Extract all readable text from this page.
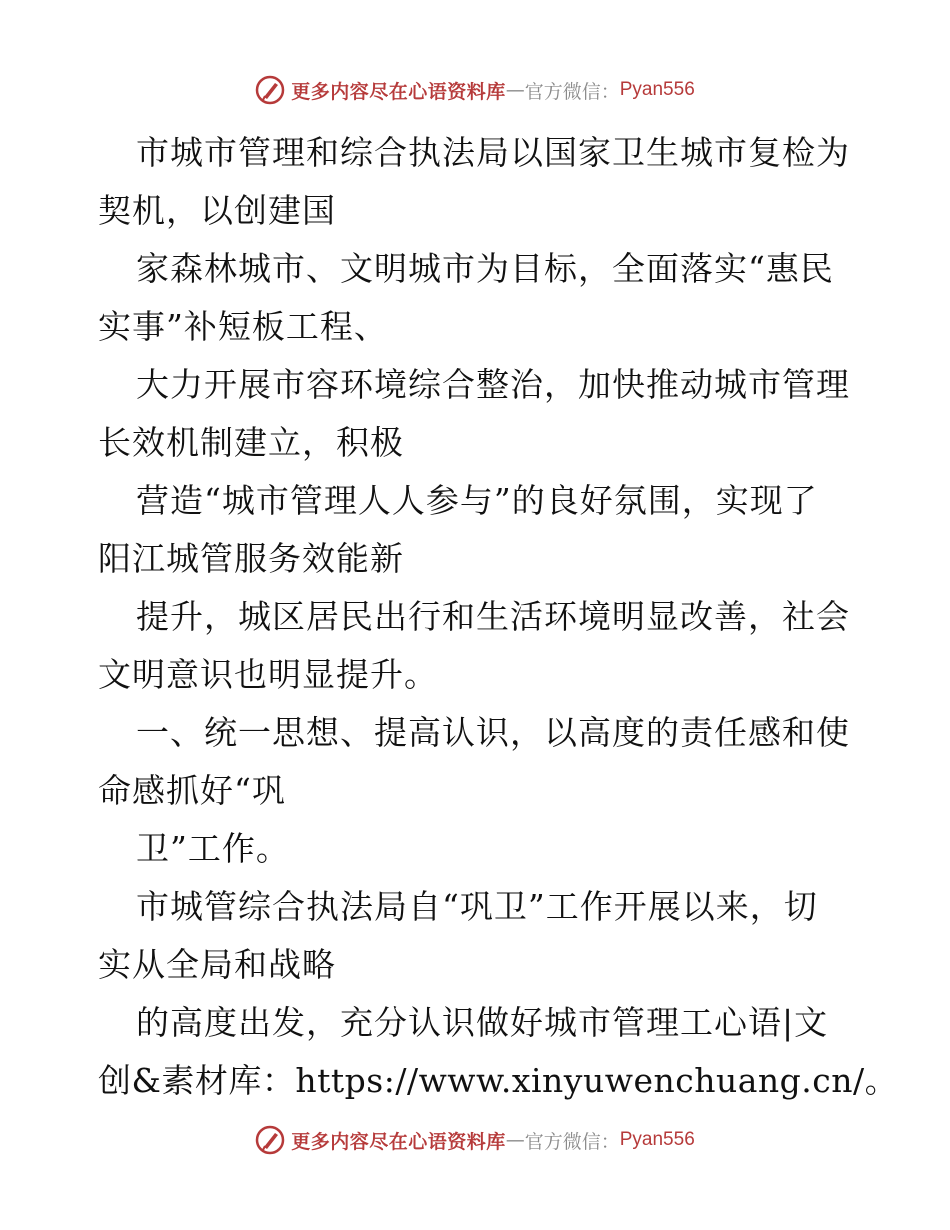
更多内容尽在心语资料库 — 官方微信： Pyan556
市城市管理和综合执法局以国家卫生城市复检为
契机，以创建国
家森林城市、文明城市为目标，全面落实“惠民
实事”补短板工程、
大力开展市容环境综合整治，加快推动城市管理
长效机制建立，积极
营造“城市管理人人参与”的良好氛围，实现了
阳江城管服务效能新
提升，城区居民出行和生活环境明显改善，社会
文明意识也明显提升。
一、统一思想、提高认识，以高度的责任感和使
命感抓好“巩
卫”工作。
市城管综合执法局自“巩卫”工作开展以来，切
实从全局和战略
的高度出发，充分认识做好城市管理工心语|文
创&素材库：https://www.xinyuwenchuang.cn/。
更多内容尽在心语资料库 — 官方微信： Pyan556
